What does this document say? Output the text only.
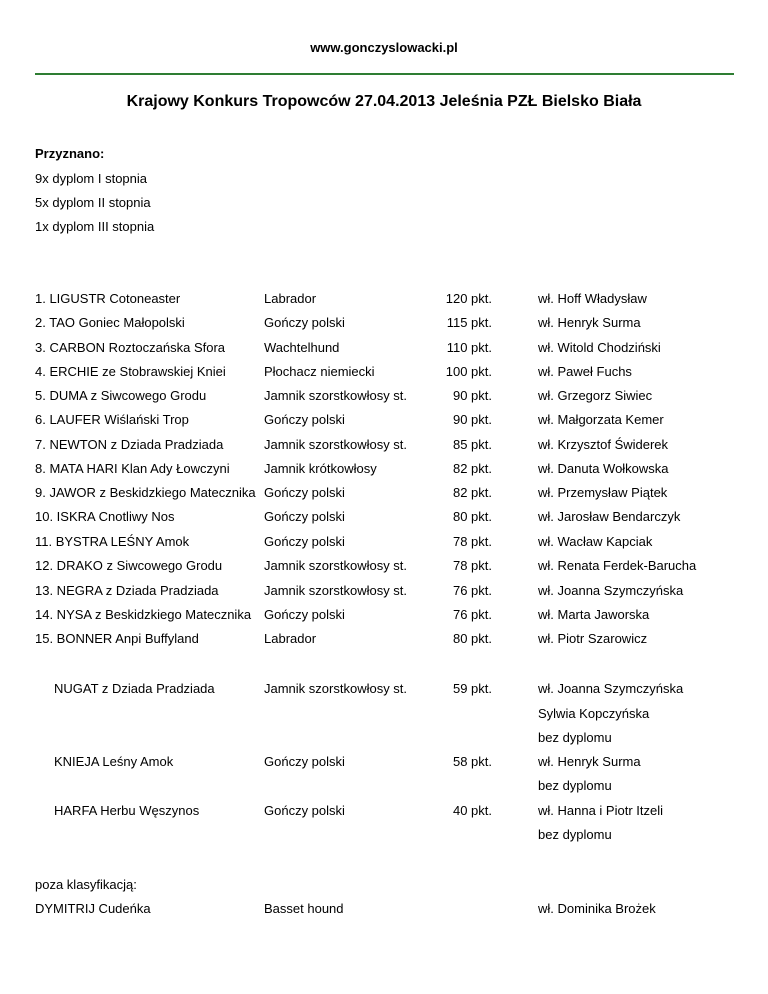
www.gonczyslowacki.pl
Krajowy Konkurs Tropowców 27.04.2013 Jeleśnia PZŁ Bielsko Biała
Przyznano:
9x dyplom I stopnia
5x dyplom II stopnia
1x dyplom III stopnia
1. LIGUSTR Cotoneaster	Labrador	120 pkt.	wł. Hoff Władysław
2. TAO Goniec Małopolski	Gończy polski	115 pkt.	wł. Henryk Surma
3. CARBON Roztoczańska Sfora	Wachtelhund	110 pkt.	wł. Witold Chodziński
4. ERCHIE ze Stobrawskiej Kniei	Płochacz niemiecki	100 pkt.	wł. Paweł Fuchs
5. DUMA z Siwcowego Grodu	Jamnik szorstkowłosy st.	90 pkt.	wł. Grzegorz Siwiec
6. LAUFER Wiślański Trop	Gończy polski	90 pkt.	wł. Małgorzata Kemer
7. NEWTON z Dziada Pradziada	Jamnik szorstkowłosy st.	85 pkt.	wł. Krzysztof Świderek
8. MATA HARI Klan Ady Łowczyni	Jamnik krótkowłosy	82 pkt.	wł. Danuta Wołkowska
9. JAWOR z Beskidzkiego Matecznika Gończy polski	82 pkt.	wł. Przemysław Piątek
10. ISKRA Cnotliwy Nos	Gończy polski	80 pkt.	wł. Jarosław Bendarczyk
11. BYSTRA LEŚNY Amok	Gończy polski	78 pkt.	wł. Wacław Kapciak
12. DRAKO z Siwcowego Grodu	Jamnik szorstkowłosy st.	78 pkt.	wł. Renata Ferdek-Barucha
13. NEGRA z Dziada Pradziada	Jamnik szorstkowłosy st.	76 pkt.	wł. Joanna Szymczyńska
14. NYSA z Beskidzkiego Matecznika Gończy polski	76 pkt.	wł. Marta Jaworska
15. BONNER Anpi Buffyland	Labrador	80 pkt.	wł. Piotr Szarowicz
NUGAT z Dziada Pradziada	Jamnik szorstkowłosy st.	59 pkt.	wł. Joanna Szymczyńska
Sylwia Kopczyńska
bez dyplomu
KNIEJA Leśny Amok	Gończy polski	58 pkt.	wł. Henryk Surma
bez dyplomu
HARFA Herbu Węszynos	Gończy polski	40 pkt.	wł. Hanna i Piotr Itzeli
bez dyplomu
poza klasyfikacją:
DYMITRIJ Cudeńka	Basset hound	wł. Dominika Brożek
